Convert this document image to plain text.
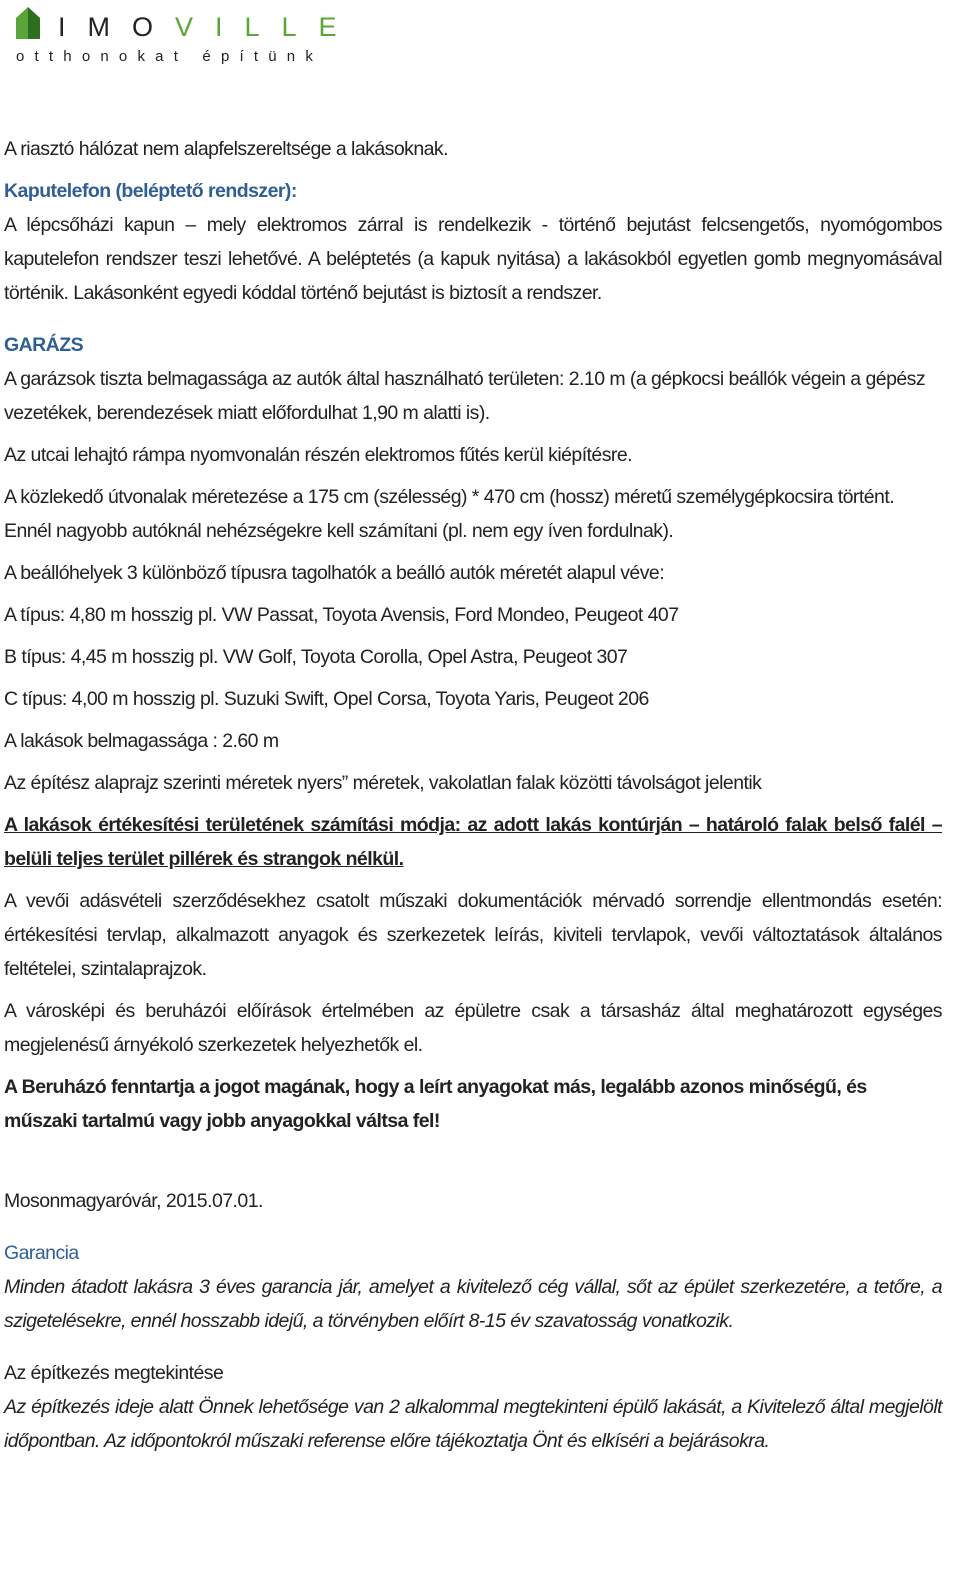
IMOVILLE
otthonokat építünk

A riasztó hálózat nem alapfelszereltsége a lakásoknak.

Kaputelefon (beléptető rendszer):

A lépcsőházi kapun – mely elektromos zárral is rendelkezik - történő bejutást felcsengetős, nyomógombos kaputelefon rendszer teszi lehetővé. A beléptetés (a kapuk nyitása) a lakásokból egyetlen gomb megnyomásával történik. Lakásonként egyedi kóddal történő bejutást is biztosít a rendszer.

GARÁZS

A garázsok tiszta belmagassága az autók által használható területen: 2.10 m (a gépkocsi beállók végein a gépész vezetékek, berendezések miatt előfordulhat 1,90 m alatti is).

Az utcai lehajtó rámpa nyomvonalán részén elektromos fűtés kerül kiépítésre.

A közlekedő útvonalak méretezése a 175 cm (szélesség) * 470 cm (hossz) méretű személygépkocsira történt. Ennél nagyobb autóknál nehézségekre kell számítani (pl. nem egy íven fordulnak).

A beállóhelyek 3 különböző típusra tagolhatók a beálló autók méretét alapul véve:

A típus: 4,80 m hosszig pl. VW Passat, Toyota Avensis, Ford Mondeo, Peugeot 407

B típus: 4,45 m hosszig pl. VW Golf, Toyota Corolla, Opel Astra, Peugeot 307

C típus: 4,00 m hosszig pl. Suzuki Swift, Opel Corsa, Toyota Yaris, Peugeot 206

A lakások belmagassága : 2.60 m

Az építész alaprajz szerinti méretek nyers” méretek, vakolatlan falak közötti távolságot jelentik

A lakások értékesítési területének számítási módja: az adott lakás kontúrján – határoló falak belső falél – belüli teljes terület pillérek és strangok nélkül.

A vevői adásvételi szerződésekhez csatolt műszaki dokumentációk mérvadó sorrendje ellentmondás esetén: értékesítési tervlap, alkalmazott anyagok és szerkezetek leírás, kiviteli tervlapok, vevői változtatások általános feltételei, szintalaprajzok.

A városképi és beruházói előírások értelmében az épületre csak a társasház által meghatározott egységes megjelenésű árnyékoló szerkezetek helyezhetők el.

A Beruházó fenntartja a jogot magának, hogy a leírt anyagokat más, legalább azonos minőségű, és műszaki tartalmú vagy jobb anyagokkal váltsa fel!

Mosonmagyaróvár, 2015.07.01.

Garancia

Minden átadott lakásra 3 éves garancia jár, amelyet a kivitelező cég vállal, sőt az épület szerkezetére, a tetőre, a szigetelésekre, ennél hosszabb idejű, a törvényben előírt 8-15 év szavatosság vonatkozik.

Az építkezés megtekintése

Az építkezés ideje alatt Önnek lehetősége van 2 alkalommal megtekinteni épülő lakását, a Kivitelező által megjelölt időpontban. Az időpontokról műszaki referense előre tájékoztatja Önt és elkíséri a bejárásokra.
